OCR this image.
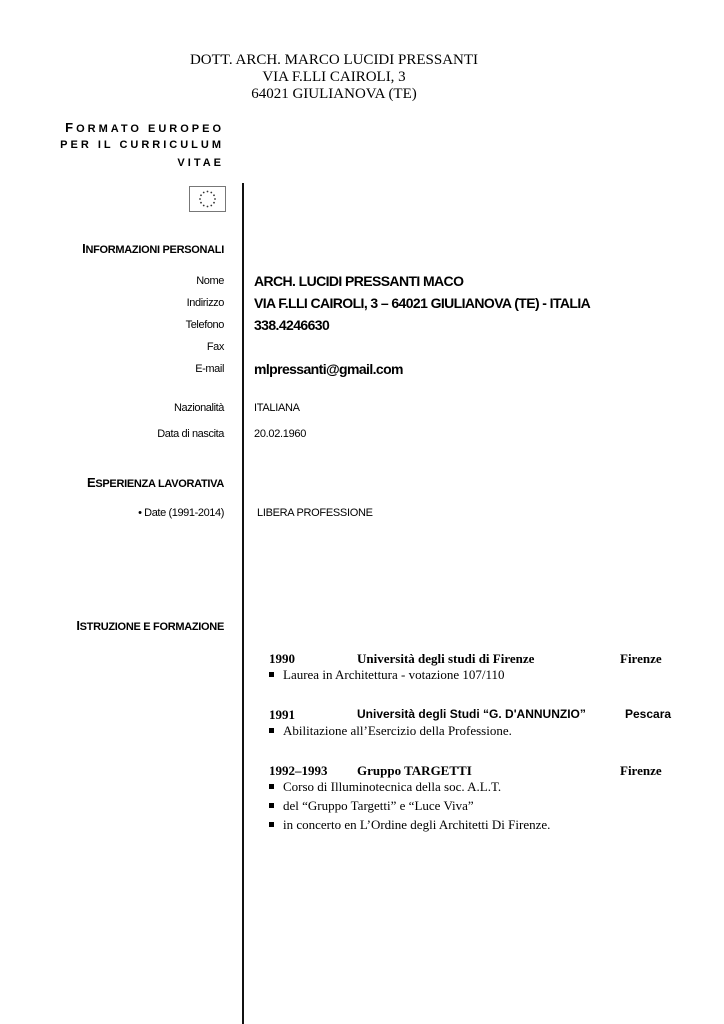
DOTT. ARCH. MARCO LUCIDI PRESSANTI
VIA F.LLI CAIROLI, 3
64021 GIULIANOVA (TE)
FORMATO EUROPEO
PER IL CURRICULUM
VITAE
INFORMAZIONI PERSONALI
Nome ARCH. LUCIDI PRESSANTI MACO
Indirizzo VIA F.LLI CAIROLI, 3 – 64021 GIULIANOVA (TE) - ITALIA
Telefono 338.4246630
Fax
E-mail mlpressanti@gmail.com
Nazionalità	ITALIANA
Data di nascita	20.02.1960
ESPERIENZA LAVORATIVA
• Date (1991-2014)	LIBERA PROFESSIONE
ISTRUZIONE E FORMAZIONE
1990	Università degli studi di Firenze	Firenze
Laurea in Architettura - votazione 107/110
1991	Università degli Studi “G. D'ANNUNZIO”	Pescara
Abilitazione all’Esercizio della Professione.
1992–1993 Gruppo TARGETTI	Firenze
Corso di Illuminotecnica della soc. A.L.T.
del “Gruppo Targetti” e “Luce Viva”
in concerto en L’Ordine degli Architetti Di Firenze.
